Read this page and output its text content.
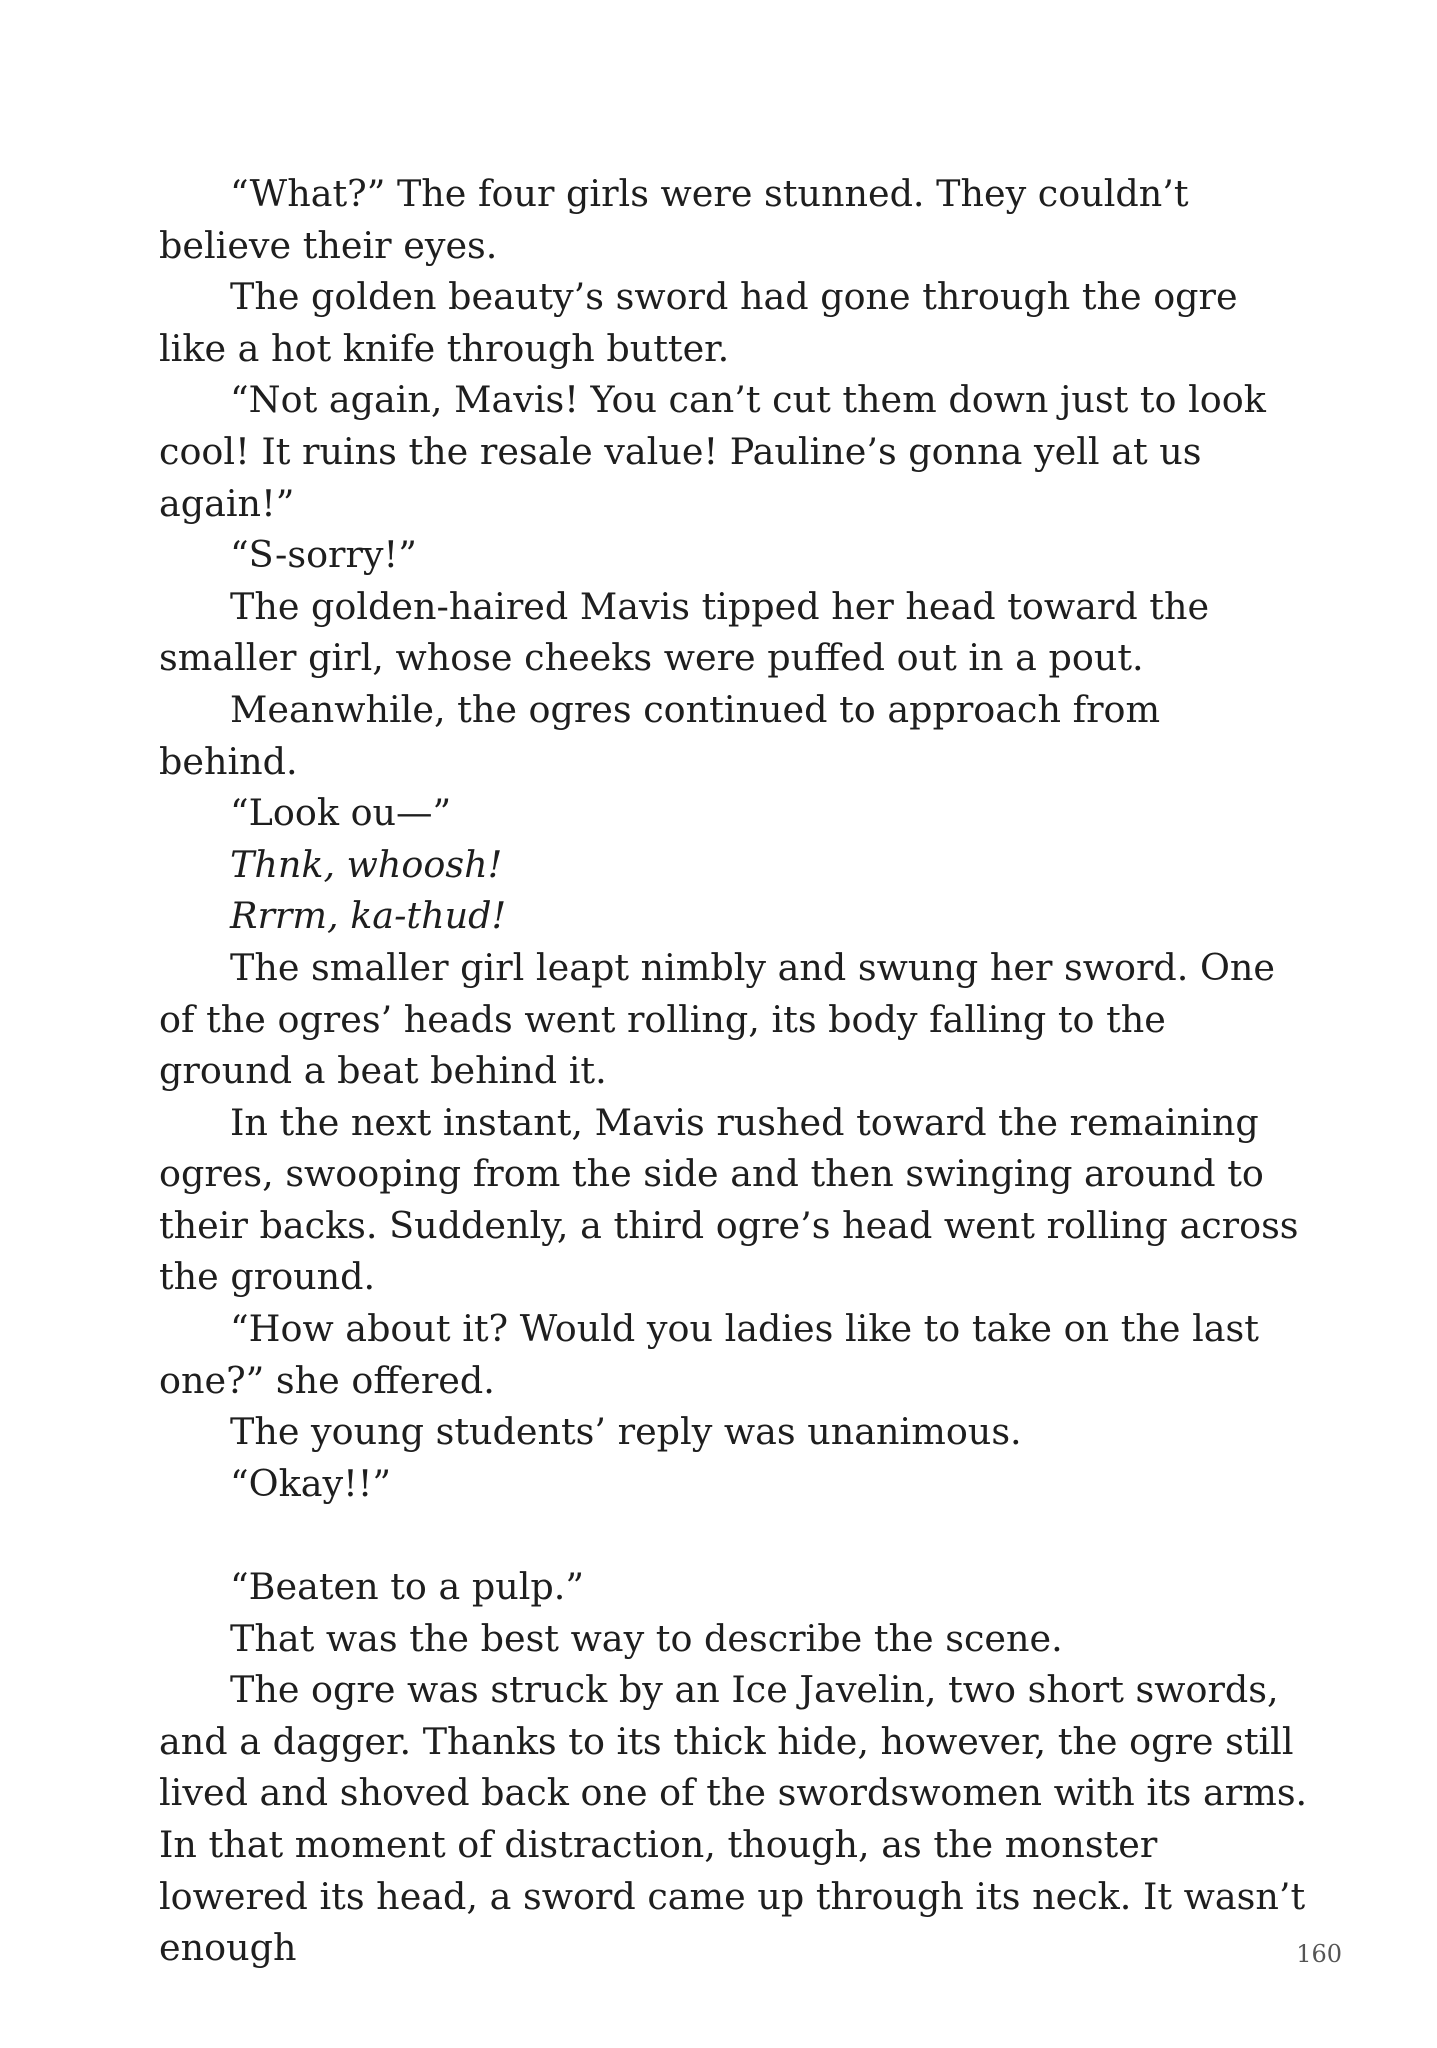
“What?” The four girls were stunned. They couldn’t believe their eyes.

The golden beauty’s sword had gone through the ogre like a hot knife through butter.

“Not again, Mavis! You can’t cut them down just to look cool! It ruins the resale value! Pauline’s gonna yell at us again!”

“S-sorry!”

The golden-haired Mavis tipped her head toward the smaller girl, whose cheeks were puffed out in a pout.

Meanwhile, the ogres continued to approach from behind.

“Look ou—”

Thnk, whoosh!

Rrrm, ka-thud!

The smaller girl leapt nimbly and swung her sword. One of the ogres’ heads went rolling, its body falling to the ground a beat behind it.

In the next instant, Mavis rushed toward the remaining ogres, swooping from the side and then swinging around to their backs. Suddenly, a third ogre’s head went rolling across the ground.

“How about it? Would you ladies like to take on the last one?” she offered.

The young students’ reply was unanimous.

“Okay!!”

“Beaten to a pulp.”

That was the best way to describe the scene.

The ogre was struck by an Ice Javelin, two short swords, and a dagger. Thanks to its thick hide, however, the ogre still lived and shoved back one of the swordswomen with its arms. In that moment of distraction, though, as the monster lowered its head, a sword came up through its neck. It wasn’t enough	160
